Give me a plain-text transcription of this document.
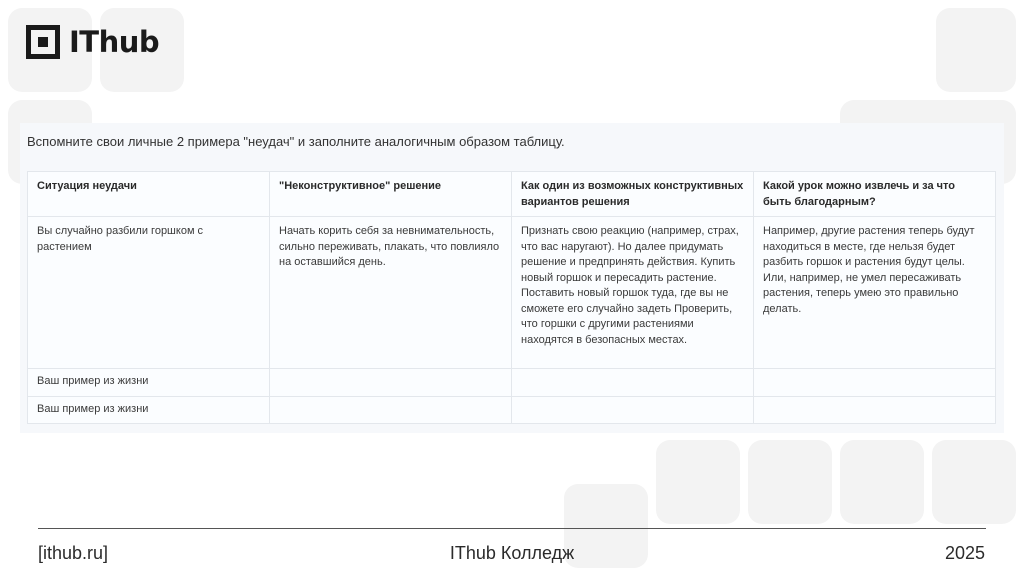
IThub
Вспомните свои личные 2 примера "неудач" и заполните аналогичным образом таблицу.
Ситуация неудачи	"Неконструктивное" решение	Как один из возможных конструктивных вариантов решения	Какой урок можно извлечь и за что быть благодарным?
Вы случайно разбили горшком с растением	Начать корить себя за невнимательность, сильно переживать, плакать, что повлияло на оставшийся день.	Признать свою реакцию (например, страх, что вас наругают). Но далее придумать решение и предпринять действия. Купить новый горшок и пересадить растение. Поставить новый горшок туда, где вы не сможете его случайно задеть Проверить, что горшки с другими растениями находятся в безопасных местах.	Например, другие растения теперь будут находиться в месте, где нельзя будет разбить горшок и растения будут целы. Или, например, не умел пересаживать растения, теперь умею это правильно делать.
Ваш пример из жизни			
Ваш пример из жизни			
[ithub.ru]	IThub Колледж	2025
